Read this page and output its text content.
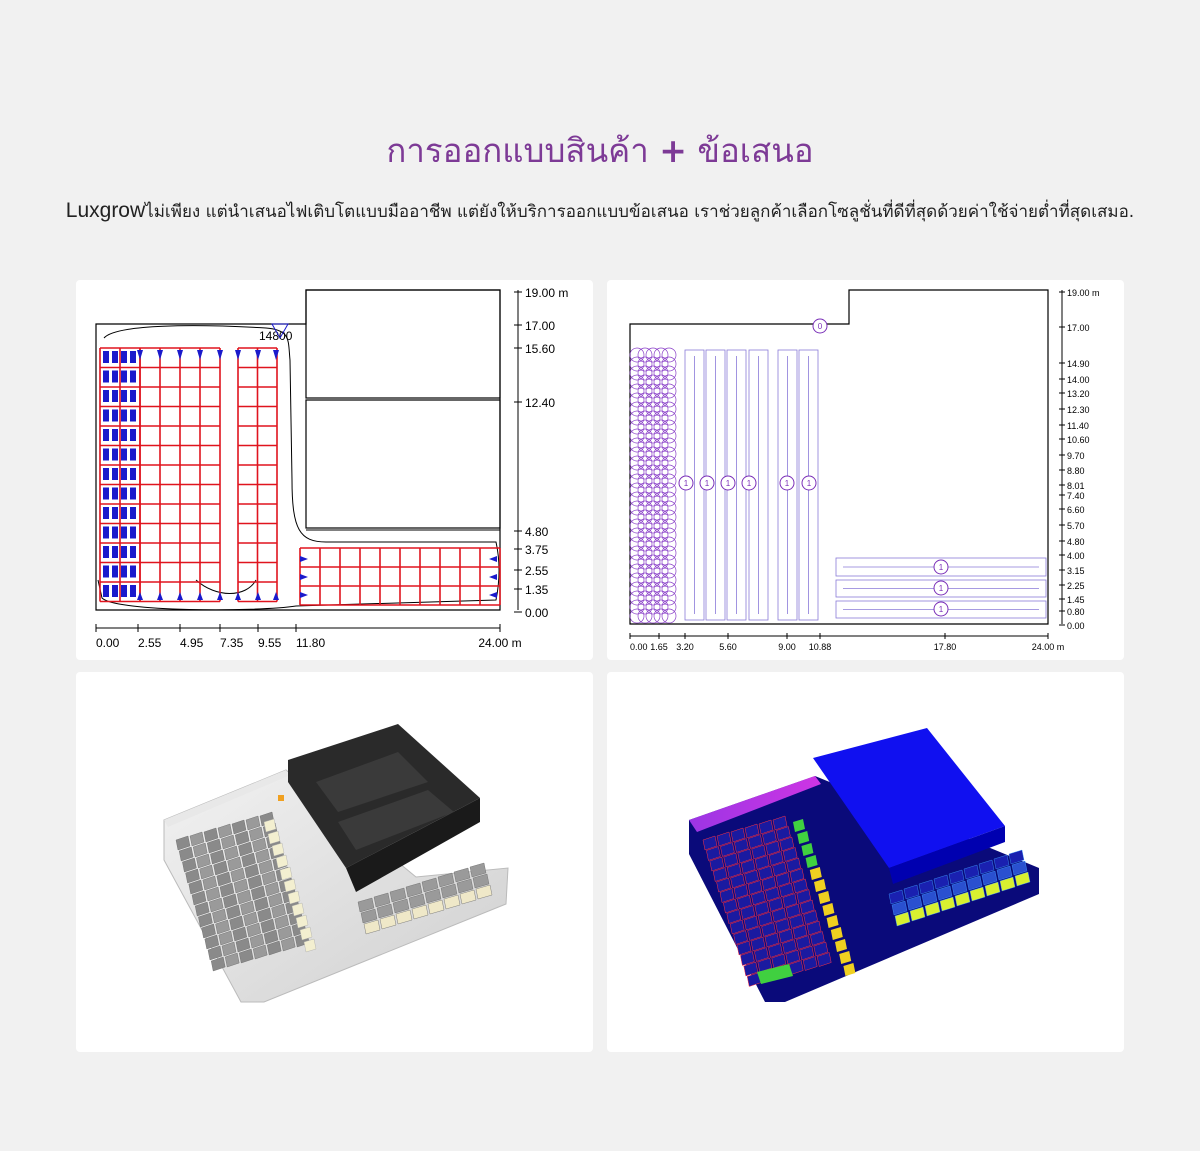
การออกแบบสินค้า + ข้อเสนอ
Luxgrowไม่เพียง แต่นำเสนอไฟเติบโตแบบมืออาชีพ แต่ยังให้บริการออกแบบข้อเสนอ เราช่วยลูกค้าเลือกโซลูชั่นที่ดีที่สุดด้วยค่าใช้จ่ายต่ำที่สุดเสมอ.
14800
19.00 m
17.00
15.60
12.40
4.80
3.75
2.55
1.35
0.00
0.00 2.55 4.95 7.35 9.55 11.80	24.00 m
1 1 1 1	1 1
1
1
1
0
19.00 m
17.00
14.90
14.00
13.20
12.30
11.40
10.60
9.70
8.80
8.01
7.40
6.60
5.70
4.80
4.00
3.15
2.25
1.45
0.80
0.00
0.00 1.65 3.20	5.60	9.00 10.88	17.80	24.00 m
